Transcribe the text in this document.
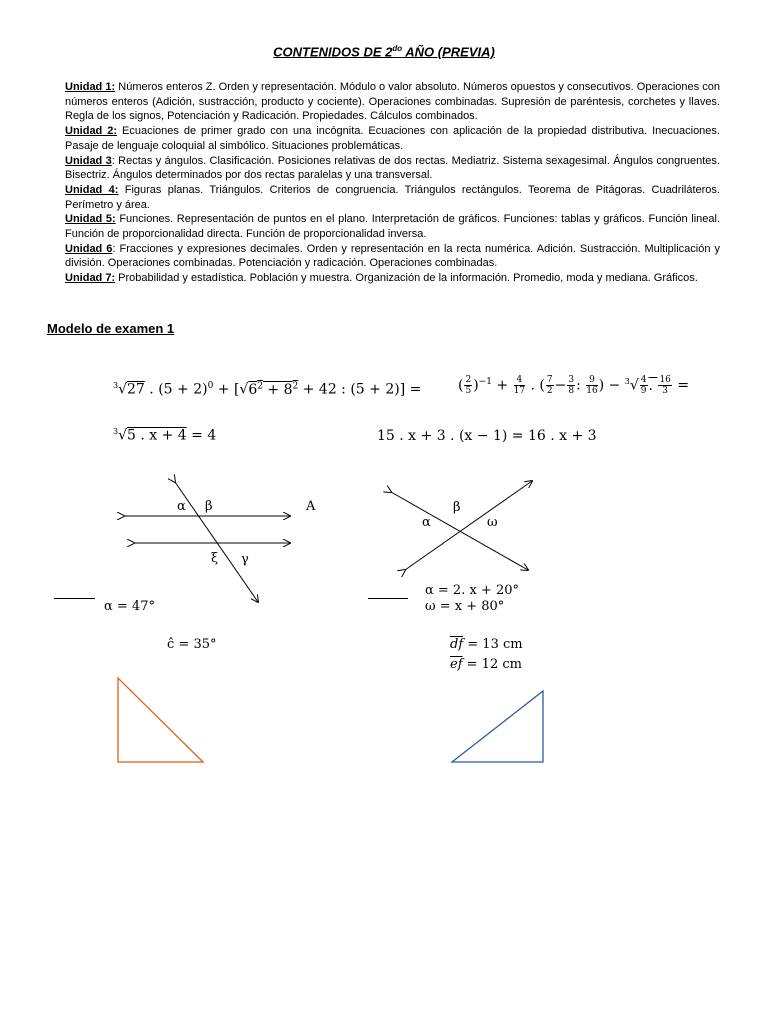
CONTENIDOS DE $2^{do}$ AÑO (PREVIA)

Unidad 1: Números enteros Z. Orden y representación. Módulo o valor absoluto. Números opuestos y consecutivos. Operaciones con números enteros (Adición, sustracción, producto y cociente). Operaciones combinadas. Supresión de paréntesis, corchetes y llaves. Regla de los signos, Potenciación y Radicación. Propiedades. Cálculos combinados.

Unidad 2: Ecuaciones de primer grado con una incógnita. Ecuaciones con aplicación de la propiedad distributiva. Inecuaciones. Pasaje de lenguaje coloquial al simbólico. Situaciones problemáticas.

Unidad 3: Rectas y ángulos. Clasificación. Posiciones relativas de dos rectas. Mediatriz. Sistema sexagesimal. Ángulos congruentes. Bisectriz. Ángulos determinados por dos rectas paralelas y una transversal.

Unidad 4: Figuras planas. Triángulos. Criterios de congruencia. Triángulos rectángulos. Teorema de Pitágoras. Cuadriláteros. Perímetro y área.

Unidad 5: Funciones. Representación de puntos en el plano. Interpretación de gráficos. Funciones: tablas y gráficos. Función lineal. Función de proporcionalidad directa. Función de proporcionalidad inversa.

Unidad 6: Fracciones y expresiones decimales. Orden y representación en la recta numérica. Adición. Sustracción. Multiplicación y división. Operaciones combinadas. Potenciación y radicación. Operaciones combinadas.

Unidad 7: Probabilidad y estadística. Población y muestra. Organización de la información. Promedio, moda y mediana. Gráficos.

Modelo de examen 1
$^3$√27 . $(5 + 2)^0 + [√6^2 + 8^2 + 42$ : (5 + 2)] =	( $\frac{2}{5} )^{-1} + \frac{4}{17}$ . ( $\frac{7}{2} - \frac{3}{8}$ : $\frac{9}{16}$ ) − $^3√ \frac{4}{9}$ . $\frac{16}{3}$ =
$^3$√5 . x + 4 = 4	15 . x + 3 . (x − 1) = 16 . x + 3
α β	A
ξ γ
α = 47°
β
α	ω
α = 2. x + 20°
ω = x + 80°
ĉ = 35°	$\overline{df} = 13$ cm
$\overline{ef} = 12$ cm
